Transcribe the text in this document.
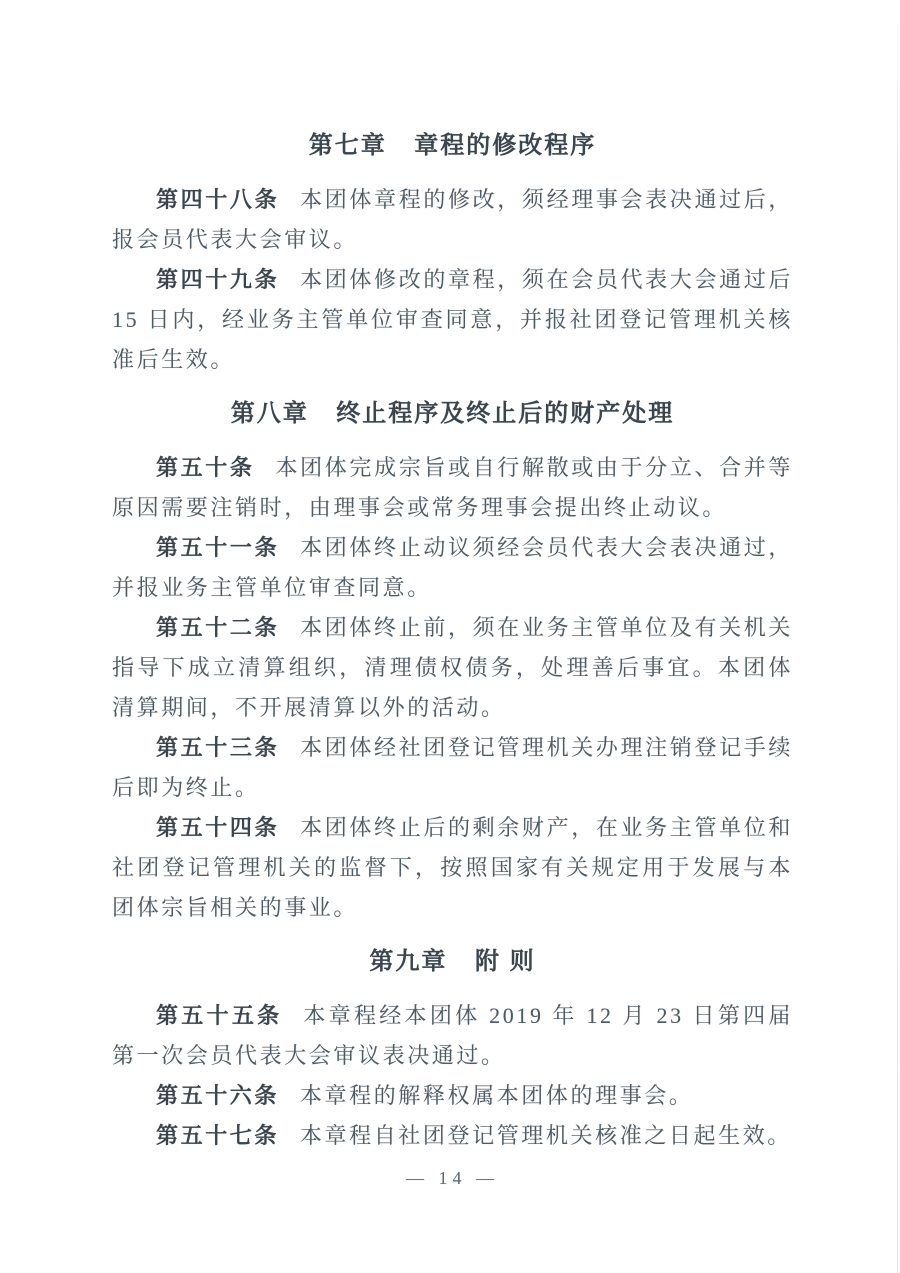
第七章 章程的修改程序

第四十八条 本团体章程的修改，须经理事会表决通过后，报会员代表大会审议。

第四十九条 本团体修改的章程，须在会员代表大会通过后 15 日内，经业务主管单位审查同意，并报社团登记管理机关核准后生效。

第八章 终止程序及终止后的财产处理

第五十条 本团体完成宗旨或自行解散或由于分立、合并等原因需要注销时，由理事会或常务理事会提出终止动议。

第五十一条 本团体终止动议须经会员代表大会表决通过，并报业务主管单位审查同意。

第五十二条 本团体终止前，须在业务主管单位及有关机关指导下成立清算组织，清理债权债务，处理善后事宜。本团体清算期间，不开展清算以外的活动。

第五十三条 本团体经社团登记管理机关办理注销登记手续后即为终止。

第五十四条 本团体终止后的剩余财产，在业务主管单位和社团登记管理机关的监督下，按照国家有关规定用于发展与本团体宗旨相关的事业。

第九章 附 则

第五十五条 本章程经本团体 2019 年 12 月 23 日第四届第一次会员代表大会审议表决通过。

第五十六条 本章程的解释权属本团体的理事会。

第五十七条 本章程自社团登记管理机关核准之日起生效。

— 14 —
